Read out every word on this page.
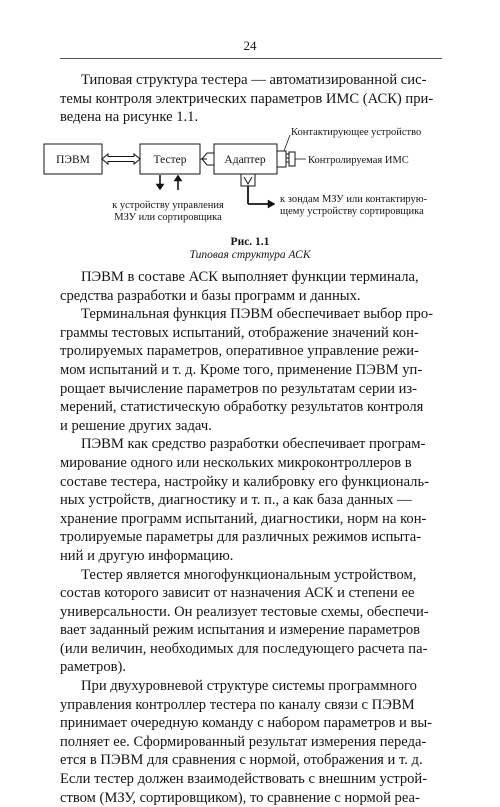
24

Типовая структура тестера — автоматизированной сис-
темы контроля электрических параметров ИМС (АСК) при-
ведена на рисунке 1.1.

ПЭВМ	Тестер	Адаптер
Контактирующее устройство
Контролируемая ИМС
к устройству управления
МЗУ или сортировщика
к зондам МЗУ или контактирую-
щему устройству сортировщика
Рис. 1.1
Типовая структура АСК

ПЭВМ в составе АСК выполняет функции терминала,
средства разработки и базы программ и данных.

Терминальная функция ПЭВМ обеспечивает выбор про-
граммы тестовых испытаний, отображение значений кон-
тролируемых параметров, оперативное управление режи-
мом испытаний и т. д. Кроме того, применение ПЭВМ уп-
рощает вычисление параметров по результатам серии из-
мерений, статистическую обработку результатов контроля
и решение других задач.

ПЭВМ как средство разработки обеспечивает програм-
мирование одного или нескольких микроконтроллеров в
составе тестера, настройку и калибровку его функциональ-
ных устройств, диагностику и т. п., а как база данных —
хранение программ испытаний, диагностики, норм на кон-
тролируемые параметры для различных режимов испыта-
ний и другую информацию.

Тестер является многофункциональным устройством,
состав которого зависит от назначения АСК и степени ее
универсальности. Он реализует тестовые схемы, обеспечи-
вает заданный режим испытания и измерение параметров
(или величин, необходимых для последующего расчета па-
раметров).

При двухуровневой структуре системы программного
управления контроллер тестера по каналу связи с ПЭВМ
принимает очередную команду с набором параметров и вы-
полняет ее. Сформированный результат измерения переда-
ется в ПЭВМ для сравнения с нормой, отображения и т. д.
Если тестер должен взаимодействовать с внешним устрой-
ством (МЗУ, сортировщиком), то сравнение с нормой реа-
